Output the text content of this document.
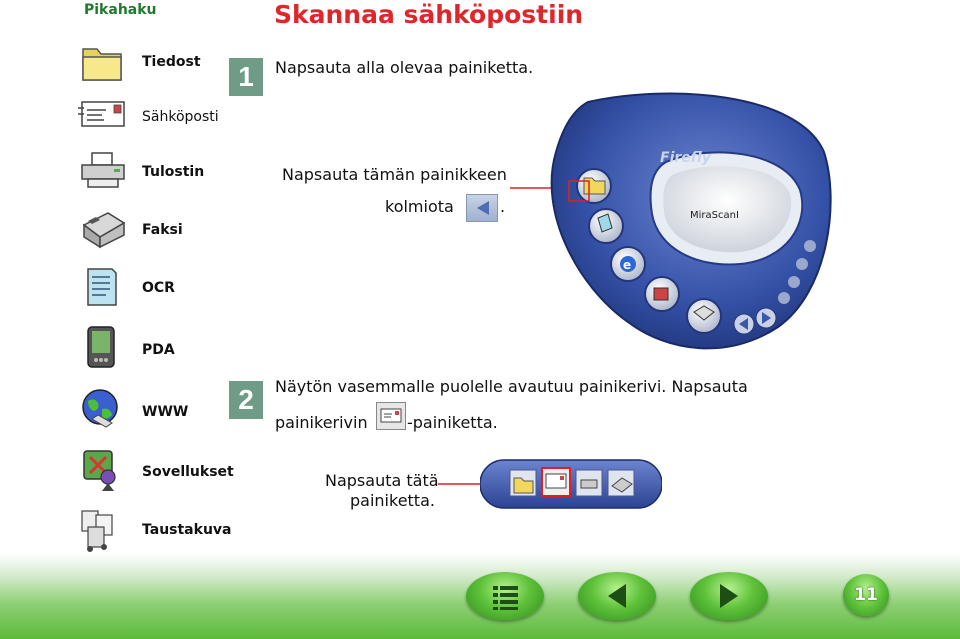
Pikahaku
Tiedost
Sähköposti
Tulostin
Faksi
OCR
PDA
WWW
Sovellukset
Taustakuva
Skannaa sähköpostiin
1	Napsauta alla olevaa painiketta.
Napsauta tämän painikkeen
kolmiota	.	MiraScanI
Firefly
e
2	Näytön vasemmalle puolelle avautuu painikerivi. Napsauta
painikerivin -painiketta.
Napsauta tätä
painiketta.
11
